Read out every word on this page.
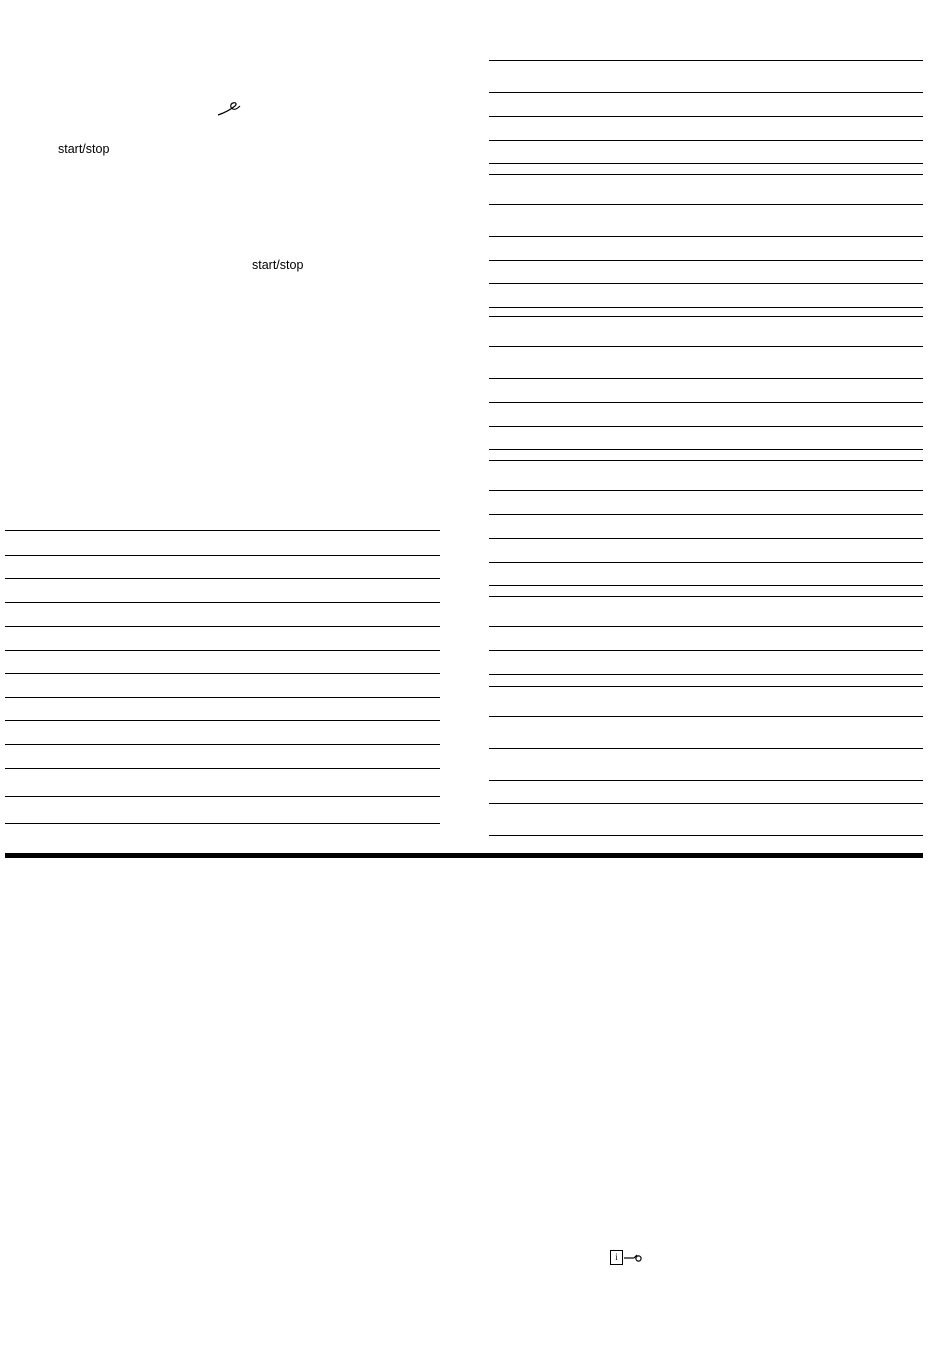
start/stop
start/stop
i
